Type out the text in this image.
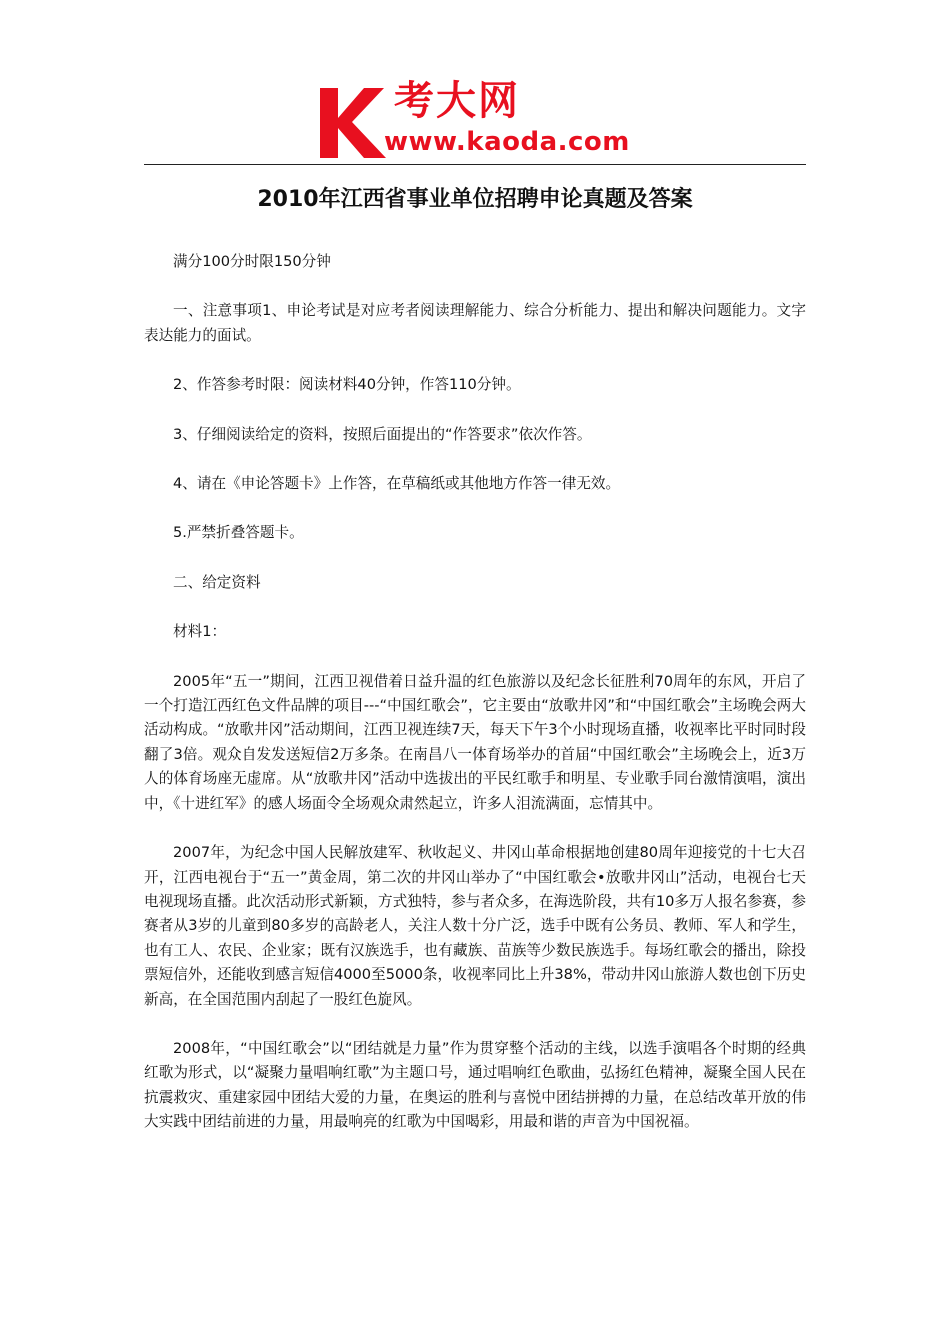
考大网
www.kaoda.com
2010年江西省事业单位招聘申论真题及答案

满分100分时限150分钟

一、注意事项1、申论考试是对应考者阅读理解能力、综合分析能力、提出和解决问题能力。文字表达能力的面试。

2、作答参考时限：阅读材料40分钟，作答110分钟。

3、仔细阅读给定的资料，按照后面提出的“作答要求”依次作答。

4、请在《申论答题卡》上作答，在草稿纸或其他地方作答一律无效。

5.严禁折叠答题卡。

二、给定资料

材料1：

2005年“五一”期间，江西卫视借着日益升温的红色旅游以及纪念长征胜利70周年的东风，开启了一个打造江西红色文件品牌的项目---“中国红歌会”，它主要由“放歌井冈”和“中国红歌会”主场晚会两大活动构成。“放歌井冈”活动期间，江西卫视连续7天，每天下午3个小时现场直播，收视率比平时同时段翻了3倍。观众自发发送短信2万多条。在南昌八一体育场举办的首届“中国红歌会”主场晚会上，近3万人的体育场座无虚席。从“放歌井冈”活动中选拔出的平民红歌手和明星、专业歌手同台激情演唱，演出中，《十进红军》的感人场面令全场观众肃然起立，许多人泪流满面，忘情其中。

2007年，为纪念中国人民解放建军、秋收起义、井冈山革命根据地创建80周年迎接党的十七大召开，江西电视台于“五一”黄金周，第二次的井冈山举办了“中国红歌会•放歌井冈山”活动，电视台七天电视现场直播。此次活动形式新颖，方式独特，参与者众多，在海选阶段，共有10多万人报名参赛，参赛者从3岁的儿童到80多岁的高龄老人，关注人数十分广泛，选手中既有公务员、教师、军人和学生，也有工人、农民、企业家；既有汉族选手，也有藏族、苗族等少数民族选手。每场红歌会的播出，除投票短信外，还能收到感言短信4000至5000条，收视率同比上升38%，带动井冈山旅游人数也创下历史新高，在全国范围内刮起了一股红色旋风。

2008年，“中国红歌会”以“团结就是力量”作为贯穿整个活动的主线，以选手演唱各个时期的经典红歌为形式，以“凝聚力量唱响红歌”为主题口号，通过唱响红色歌曲，弘扬红色精神，凝聚全国人民在抗震救灾、重建家园中团结大爱的力量，在奥运的胜利与喜悦中团结拼搏的力量，在总结改革开放的伟大实践中团结前进的力量，用最响亮的红歌为中国喝彩，用最和谐的声音为中国祝福。
